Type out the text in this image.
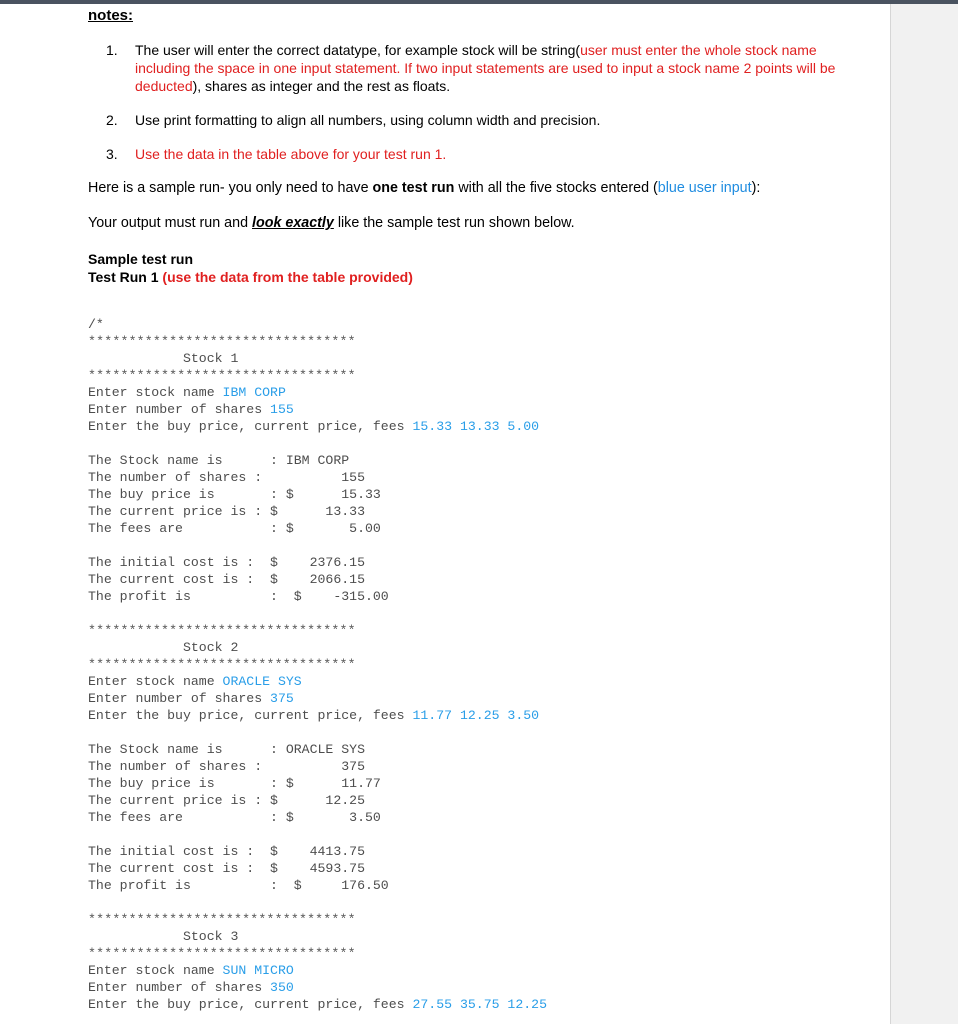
notes:
1. The user will enter the correct datatype, for example stock will be string(user must enter the whole stock name including the space in one input statement. If two input statements are used to input a stock name 2 points will be deducted), shares as integer and the rest as floats.
2. Use print formatting to align all numbers, using column width and precision.
3. Use the data in the table above for your test run 1.
Here is a sample run- you only need to have one test run with all the five stocks entered (blue user input):
Your output must run and look exactly like the sample test run shown below.
Sample test run
Test Run 1 (use the data from the table provided)
/*
*********************************
Stock 1
*********************************
Enter stock name IBM CORP
Enter number of shares 155
Enter the buy price, current price, fees 15.33 13.33 5.00
The Stock name is      : IBM CORP
The number of shares :          155
The buy price is       : $      15.33
The current price is : $      13.33
The fees are           : $       5.00
The initial cost is :  $    2376.15
The current cost is :  $    2066.15
The profit is          :  $    -315.00
*********************************
Stock 2
*********************************
Enter stock name ORACLE SYS
Enter number of shares 375
Enter the buy price, current price, fees 11.77 12.25 3.50
The Stock name is      : ORACLE SYS
The number of shares :          375
The buy price is       : $      11.77
The current price is : $      12.25
The fees are           : $       3.50
The initial cost is :  $    4413.75
The current cost is :  $    4593.75
The profit is          :  $     176.50
*********************************
Stock 3
*********************************
Enter stock name SUN MICRO
Enter number of shares 350
Enter the buy price, current price, fees 27.55 35.75 12.25
